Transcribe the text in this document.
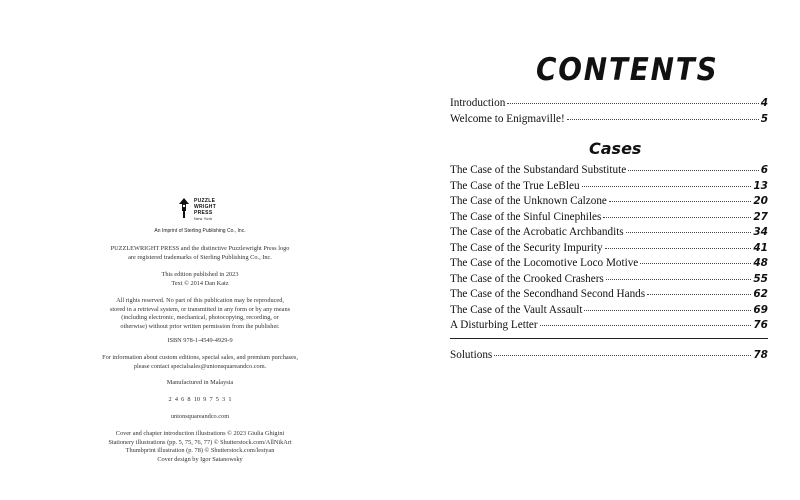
PUZZLE
WRIGHT
PRESS
New York
An Imprint of Sterling Publishing Co., Inc.
PUZZLEWRIGHT PRESS and the distinctive Puzzlewright Press logo
are registered trademarks of Sterling Publishing Co., Inc.
This edition published in 2023
Text © 2014 Dan Katz
All rights reserved. No part of this publication may be reproduced,
stored in a retrieval system, or transmitted in any form or by any means
(including electronic, mechanical, photocopying, recording, or
otherwise) without prior written permission from the publisher.
ISBN 978-1-4549-4929-9
For information about custom editions, special sales, and premium purchases,
please contact specialsales@unionsquareandco.com.
Manufactured in Malaysia
2  4  6  8  10  9  7  5  3  1
unionsquareandco.com
Cover and chapter introduction illustrations © 2023 Giulia Ghigini
Stationery illustrations (pp. 5, 75, 76, 77) © Shutterstock.com/AllNikArt
Thumbprint illustration (p. 78) © Shutterstock.com/lestyan
Cover design by Igor Satanowsky
CONTENTS
Introduction	4
Welcome to Enigmaville!	5
Cases
The Case of the Substandard Substitute	6
The Case of the True LeBleu	13
The Case of the Unknown Calzone	20
The Case of the Sinful Cinephiles	27
The Case of the Acrobatic Archbandits	34
The Case of the Security Impurity	41
The Case of the Locomotive Loco Motive	48
The Case of the Crooked Crashers	55
The Case of the Secondhand Second Hands	62
The Case of the Vault Assault	69
A Disturbing Letter	76
Solutions	78
